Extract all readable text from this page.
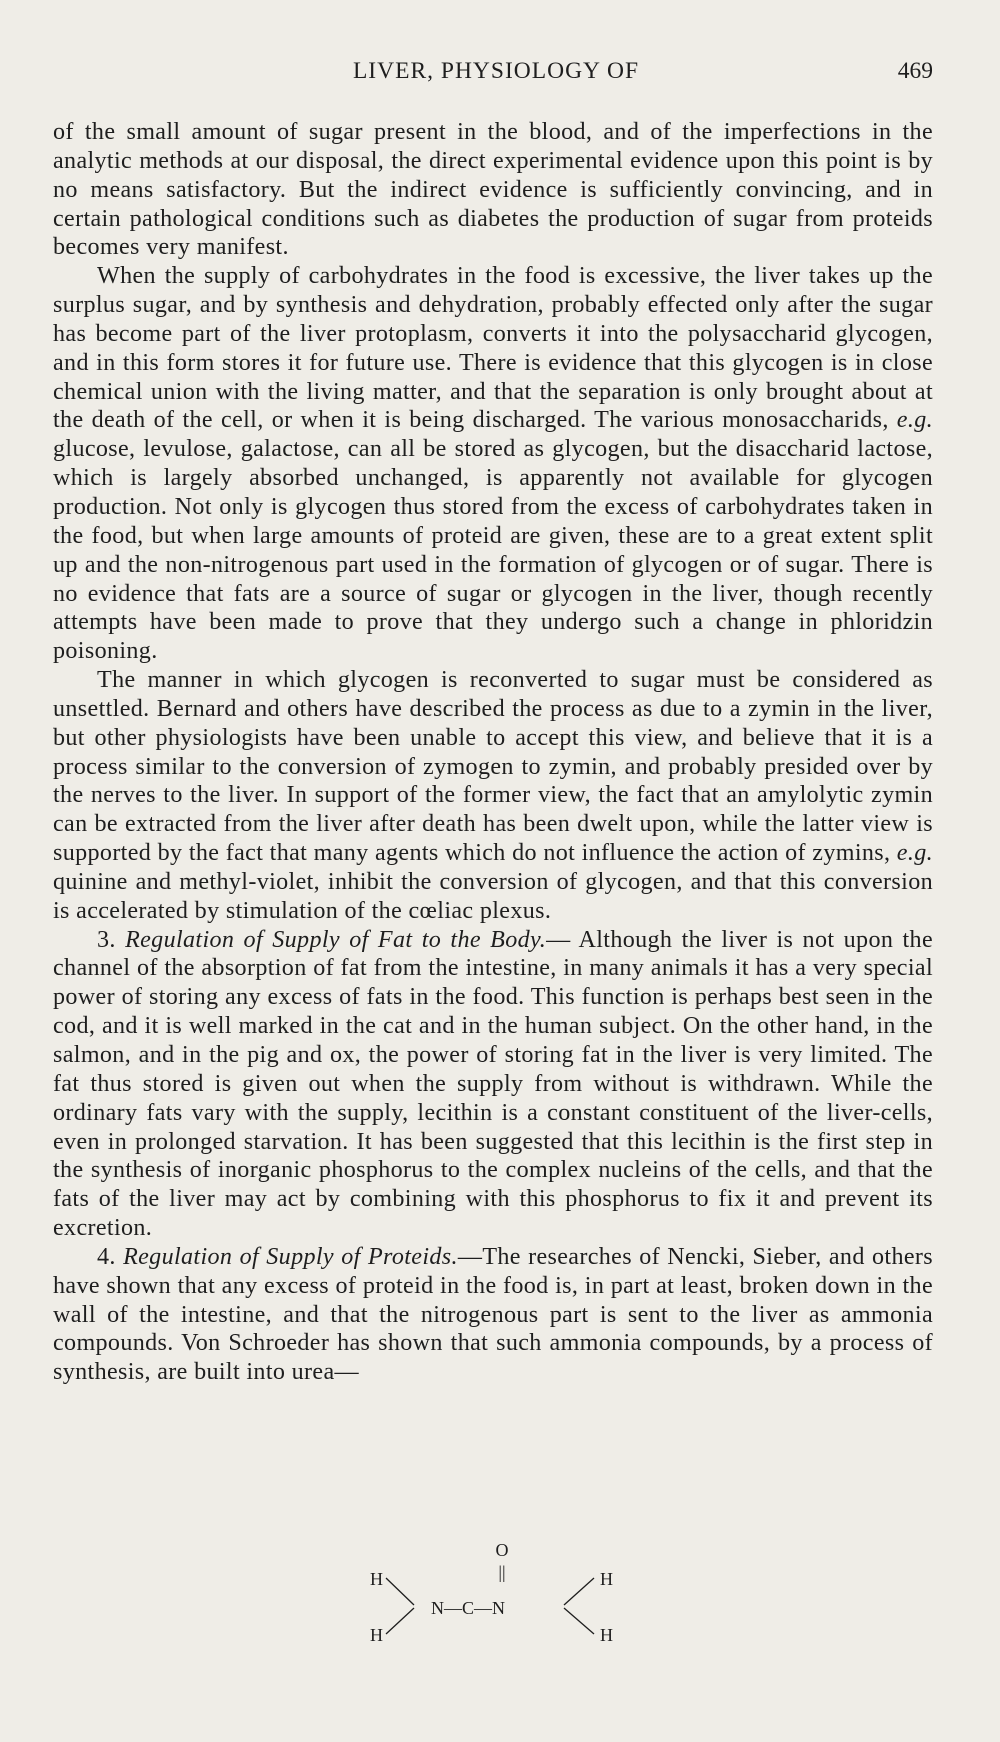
LIVER, PHYSIOLOGY OF	469

of the small amount of sugar present in the blood, and of the imperfections in the analytic methods at our disposal, the direct experimental evidence upon this point is by no means satisfactory. But the indirect evidence is sufficiently convincing, and in certain pathological conditions such as diabetes the production of sugar from proteids becomes very manifest.

When the supply of carbohydrates in the food is excessive, the liver takes up the surplus sugar, and by synthesis and dehydration, probably effected only after the sugar has become part of the liver protoplasm, converts it into the polysaccharid glycogen, and in this form stores it for future use. There is evidence that this glycogen is in close chemical union with the living matter, and that the separation is only brought about at the death of the cell, or when it is being discharged. The various monosaccharids, e.g. glucose, levulose, galactose, can all be stored as glycogen, but the disaccharid lactose, which is largely absorbed unchanged, is apparently not available for glycogen production. Not only is glycogen thus stored from the excess of carbohydrates taken in the food, but when large amounts of proteid are given, these are to a great extent split up and the non-nitrogenous part used in the formation of glycogen or of sugar. There is no evidence that fats are a source of sugar or glycogen in the liver, though recently attempts have been made to prove that they undergo such a change in phloridzin poisoning.

The manner in which glycogen is reconverted to sugar must be considered as unsettled. Bernard and others have described the process as due to a zymin in the liver, but other physiologists have been unable to accept this view, and believe that it is a process similar to the conversion of zymogen to zymin, and probably presided over by the nerves to the liver. In support of the former view, the fact that an amylolytic zymin can be extracted from the liver after death has been dwelt upon, while the latter view is supported by the fact that many agents which do not influence the action of zymins, e.g. quinine and methyl-violet, inhibit the conversion of glycogen, and that this conversion is accelerated by stimulation of the cœliac plexus.

3. Regulation of Supply of Fat to the Body.— Although the liver is not upon the channel of the absorption of fat from the intestine, in many animals it has a very special power of storing any excess of fats in the food. This function is perhaps best seen in the cod, and it is well marked in the cat and in the human subject. On the other hand, in the salmon, and in the pig and ox, the power of storing fat in the liver is very limited. The fat thus stored is given out when the supply from without is withdrawn. While the ordinary fats vary with the supply, lecithin is a constant constituent of the liver-cells, even in prolonged starvation. It has been suggested that this lecithin is the first step in the synthesis of inorganic phosphorus to the complex nucleins of the cells, and that the fats of the liver may act by combining with this phosphorus to fix it and prevent its excretion.

4. Regulation of Supply of Proteids.—The researches of Nencki, Sieber, and others have shown that any excess of proteid in the food is, in part at least, broken down in the wall of the intestine, and that the nitrogenous part is sent to the liver as ammonia compounds. Von Schroeder has shown that such ammonia compounds, by a process of synthesis, are built into urea—

O
||
H
H
N—C—N
H
H
